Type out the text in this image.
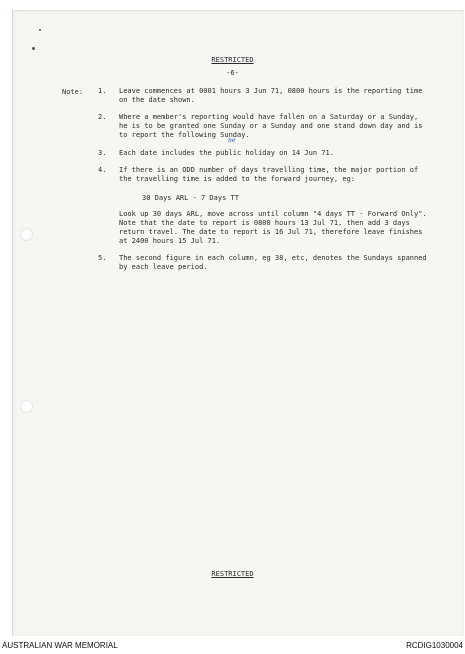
RESTRICTED
-6-
Note: 1. Leave commences at 0001 hours 3 Jun 71, 0800 hours is the reporting time
on the date shown.
2. Where a member's reporting would have fallen on a Saturday or a Sunday,
he is to be granted one Sunday or a Sunday and one stand down day and is
to report the following Sunday.
ne
3. Each date includes the public holiday on 14 Jun 71.
4. If there is an ODD number of days travelling time, the major portion of
the travelling time is added to the forward journey, eg:
30 Days ARL - 7 Days TT
Look up 30 days ARL, move across until column "4 days TT - Forward Only".
Note that the date to report is 0800 hours 13 Jul 71, then add 3 days
return travel. The date to report is 16 Jul 71, therefore leave finishes
at 2400 hours 15 Jul 71.
5. The second figure in each column, eg 38, etc, denotes the Sundays spanned
by each leave period.
RESTRICTED
AUSTRALIAN WAR MEMORIAL	RCDIG1030004
